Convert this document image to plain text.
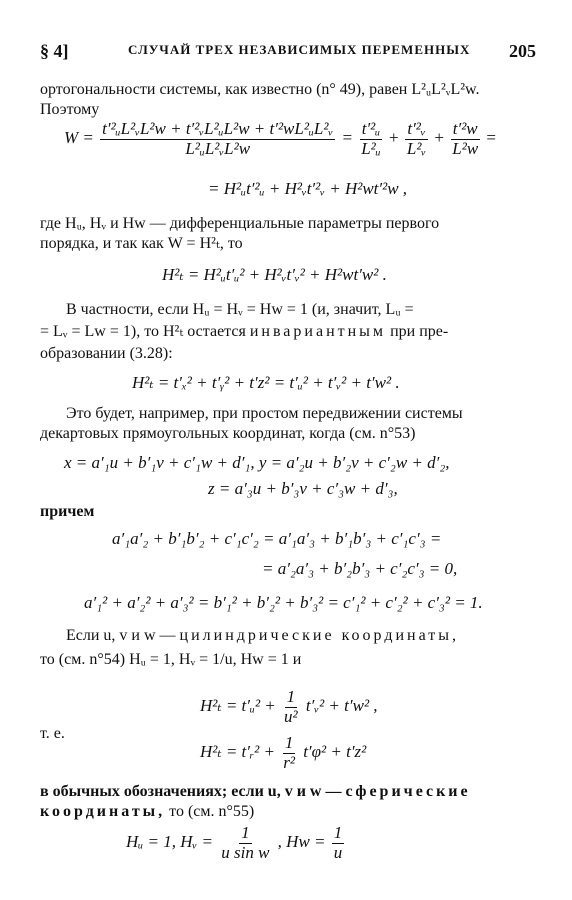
§ 4]	СЛУЧАЙ ТРЕХ НЕЗАВИСИМЫХ ПЕРЕМЕННЫХ 205
ортогональности системы, как известно (n° 49), равен L²ᵤL²ᵥL²w.
Поэтому
$W = \frac{\text{t′²ᵤL²ᵥL²w + t′²ᵥL²ᵤL²w + t′²wL²ᵤL²ᵥ}}{\text{L²ᵤL²ᵥL²w}} = \frac{\text{t′²ᵤ}}{\text{L²ᵤ}} + \frac{\text{t′²ᵥ}}{\text{L²ᵥ}} + \frac{\text{t′²w}}{\text{L²w}}$ =
= H²ᵤt′²ᵤ + H²ᵥt′²ᵥ + H²wt′²w ,
где Hᵤ, Hᵥ и Hw — дифференциальные параметры первого
порядка, и так как W = H²ₜ, то
H²ₜ = H²ᵤt′ᵤ² + H²ᵥt′ᵥ² + H²wt′w² .
В частности, если Hᵤ = Hᵥ = Hw = 1 (и, значит, Lᵤ =
= Lᵥ = Lw = 1), то H²ₜ остается инвариантным при пре-
образовании (3.28):
H²ₜ = t′ₓ² + t′ᵧ² + t′z² = t′ᵤ² + t′ᵥ² + t′w² .
Это будет, например, при простом передвижении системы
декартовых прямоугольных координат, когда (см. n°53)
x = a′₁u + b′₁v + c′₁w + d′₁, y = a′₂u + b′₂v + c′₂w + d′₂,
z = a′₃u + b′₃v + c′₃w + d′₃,
причем
a′₁a′₂ + b′₁b′₂ + c′₁c′₂ = a′₁a′₃ + b′₁b′₃ + c′₁c′₃ =
= a′₂a′₃ + b′₂b′₃ + c′₂c′₃ = 0,
a′₁² + a′₂² + a′₃² = b′₁² + b′₂² + b′₃² = c′₁² + c′₂² + c′₃² = 1.
Если u, v и w — цилиндрические координаты,
то (см. n°54) Hᵤ = 1, Hᵥ = 1/u, Hw = 1 и
H²ₜ = t′ᵤ² + $\frac{1}{\text{u²}}$ t′ᵥ² + t′w² ,
т. е.
H²ₜ = t′ᵣ² + $\frac{1}{\text{r²}} t'\varphi^2 + t'z^2$
в обычных обозначениях; если u, v и w — сферические
координаты, то (см. n°55)
Hᵤ = 1, Hᵥ = $\frac{1}{\text{u sin w}}$ , $Hw = \frac{1}{u}$
